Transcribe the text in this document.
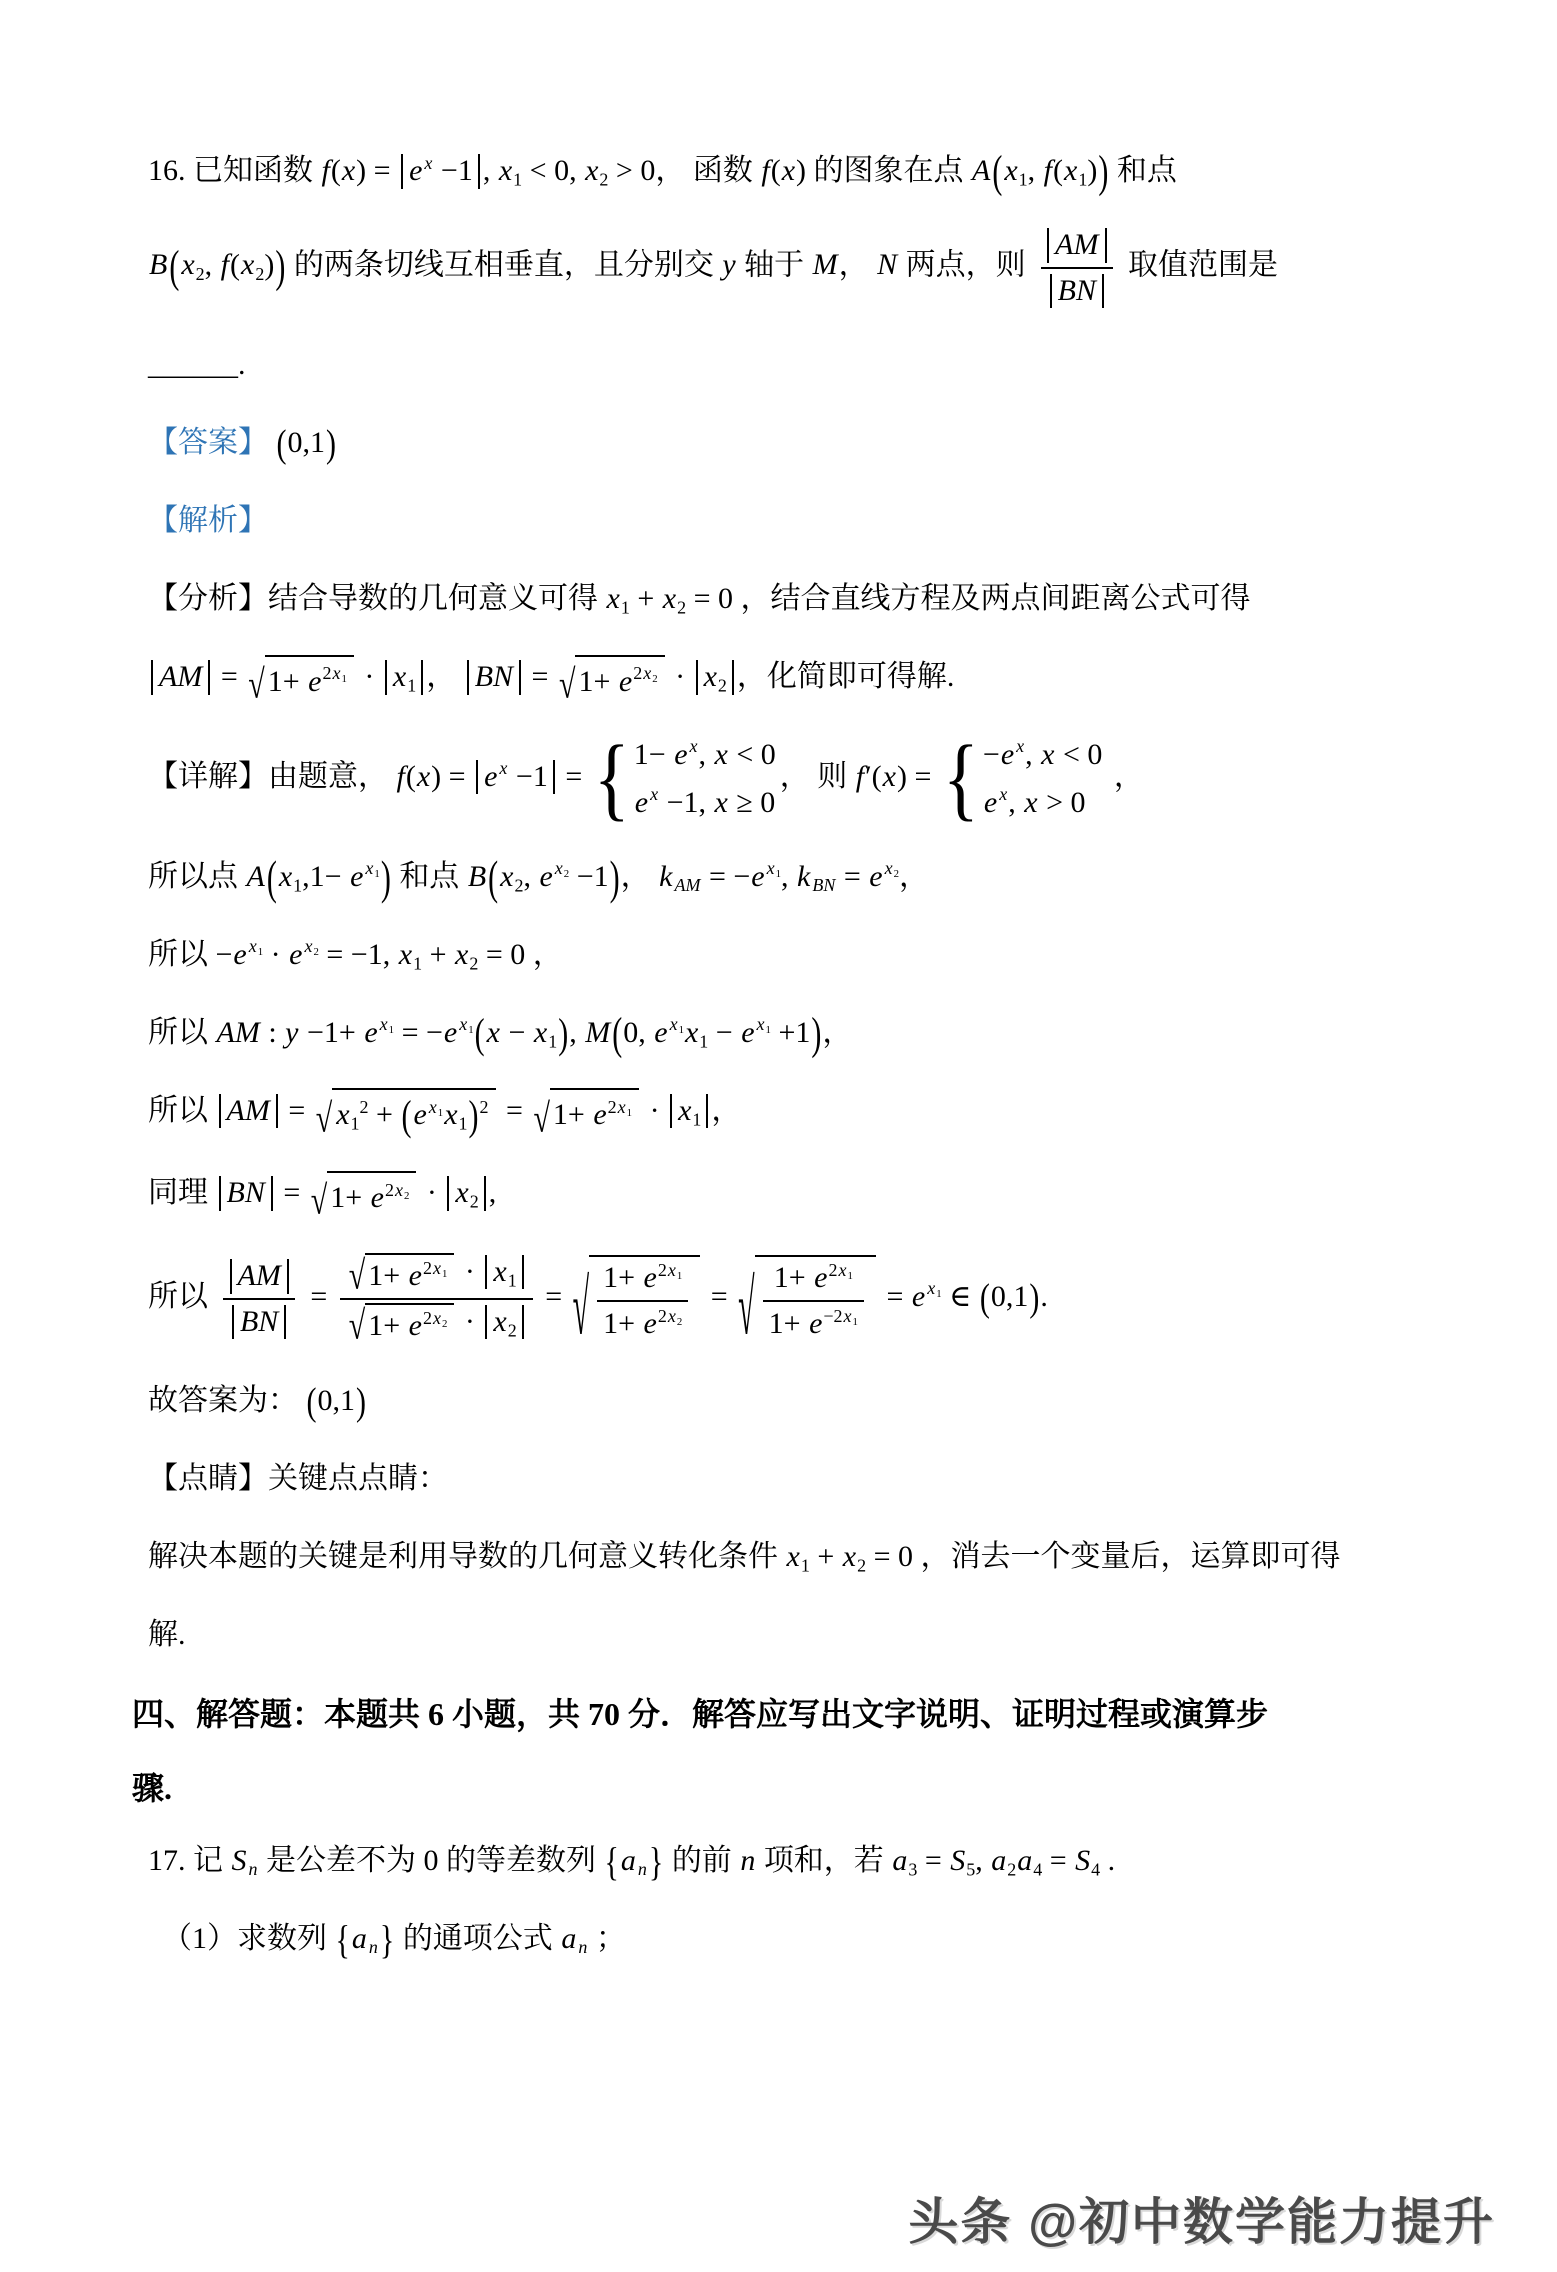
16. 已知函数 f(x) = e $^x$ −1 , $x_1 < 0$, $x_2 > 0$， 函数 f(x) 的图象在点 $A(x_1$, $f(x_1)$) 和点
$B(x_2$, $f(x_2)$) 的两条切线互相垂直，且分别交 y 轴于 M， N 两点，则 $\frac{AM}{BN}$ 取值范围是
______.
【答案】 (0,1)
【解析】
【分析】结合导数的几何意义可得 $x_1 + x_2 = 0$ ，结合直线方程及两点间距离公式可得
AM = √ $1+ e^{2x_1} \cdot x_1$ ， BN = √ $1+ e^{2x_2} \cdot x_2$ ，化简即可得解.
【详解】由题意， f(x) = e $^x$ −1 = { 1− e $^x$, x < 0
e $^x$ −1, x ≥ 0
， 则 f′(x) = { −e $^x$, x < 0
e $^x$, x > 0
，
所以点 $A(x_1,1- e$ $^{x_1}$) 和点 $B(x_2$, e $^{x_2}$ −1)， k $_{AM}$ = −e $^{x_1}$, k $_{BN}$ = e $^{x_2}$，
所以 −e $^{x_1}$ · e $^{x_2}$ = −1, $x_1 + x_2 = 0$ ，
所以 AM : y −1+ e $^{x_1}$ = −e $^{x_1}(x - x_1)$, M(0, e $^{x_1}x_1 - e$ $^{x_1}$ +1)，
所以 AM = √ $x_1^2 + (e$ $^{x_1}x_1)^2$ = √ $1+ e^{2x_1} \cdot x_1$ ，
同理 BN = √ $1+ e^{2x_2} \cdot x_2$ ,
所以 $\frac{AM}{BN} = \frac{√ 1+ e^{2x_1} \cdot x_1}{√ 1+ e^{2x_2} \cdot x_2}$ = √ $\frac{1+ e^{2x_1}}{1+ e^{2x_2}}$ = √ $\frac{1+ e^{2x_1}}{1+ e^{-2x_1}} = e$ $^{x_1}$ ∈ (0,1).
故答案为： (0,1)
【点睛】关键点点睛：
解决本题的关键是利用导数的几何意义转化条件 $x_1 + x_2 = 0$ ，消去一个变量后，运算即可得
解.
四、解答题：本题共 6 小题，共 70 分．解答应写出文字说明、证明过程或演算步
骤.
17. 记 S $_n$ 是公差不为 0 的等差数列 {a $_n$} 的前 n 项和，若 $a_3 = S_5$, $a_2a_4 = S_4$ .
（1）求数列 {a $_n$} 的通项公式 a $_n$ ；
头条 @初中数学能力提升
